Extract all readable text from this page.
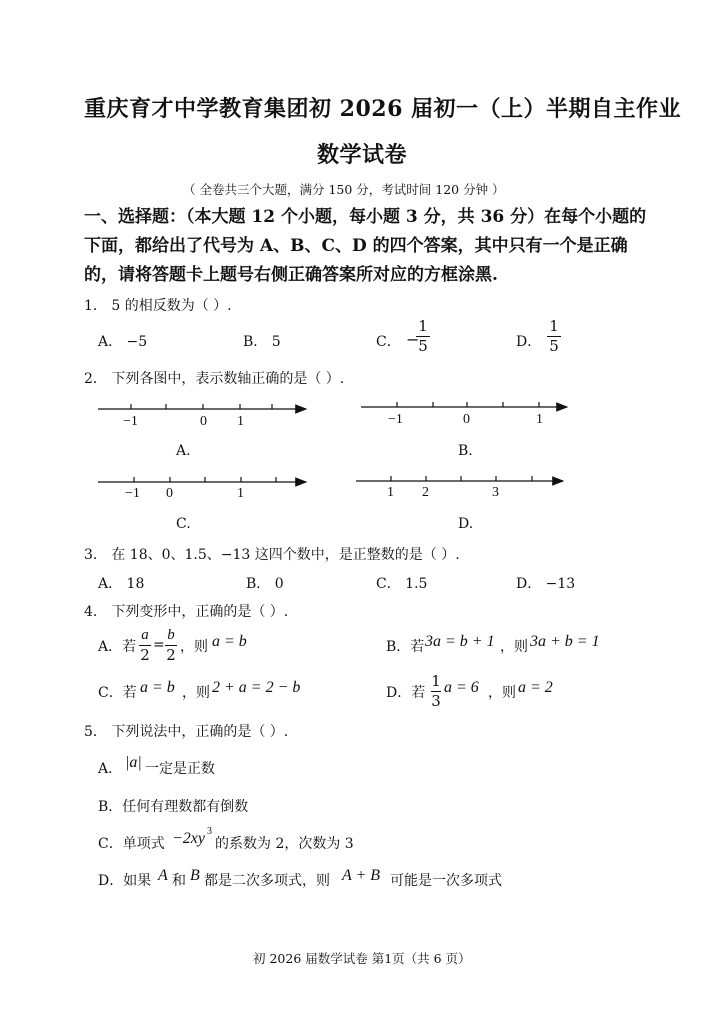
重庆育才中学教育集团初 2026 届初一（上）半期自主作业
数学试卷
（ 全卷共三个大题，满分 150 分，考试时间 120 分钟 ）
一、选择题：（本大题 12 个小题，每小题 3 分，共 36 分）在每个小题的
下面，都给出了代号为 A、B、C、D 的四个答案，其中只有一个是正确
的，请将答题卡上题号右侧正确答案所对应的方框涂黑.
1． 5 的相反数为（ ）.
A． −5	B． 5	C． −
1
5	D．
1
5
2． 下列各图中，表示数轴正确的是（ ）.
−1	0 1	−1	0	1
−1 0	1	1 2	3
A.	B.
C.	D.
3． 在 18、0、1.5、−13 这四个数中，是正整数的是（ ）.
A． 18	B． 0	C． 1.5	D． −13
4． 下列变形中，正确的是（ ）.
A．若
a
2
=
b
2 ，则 a = b	B．若 3a = b + 1 ，则 3a + b = 1
C．若 a = b ，则 2 + a = 2 − b	D．若
1
3
a = 6 ，则 a = 2
5． 下列说法中，正确的是（ ）.
A． |a| 一定是正数
B．任何有理数都有倒数
C．单项式 −2xy 3
的系数为 2，次数为 3
D．如果 A 和 B 都是二次多项式，则 A + B 可能是一次多项式
初 2026 届数学试卷 第1页（共 6 页）
